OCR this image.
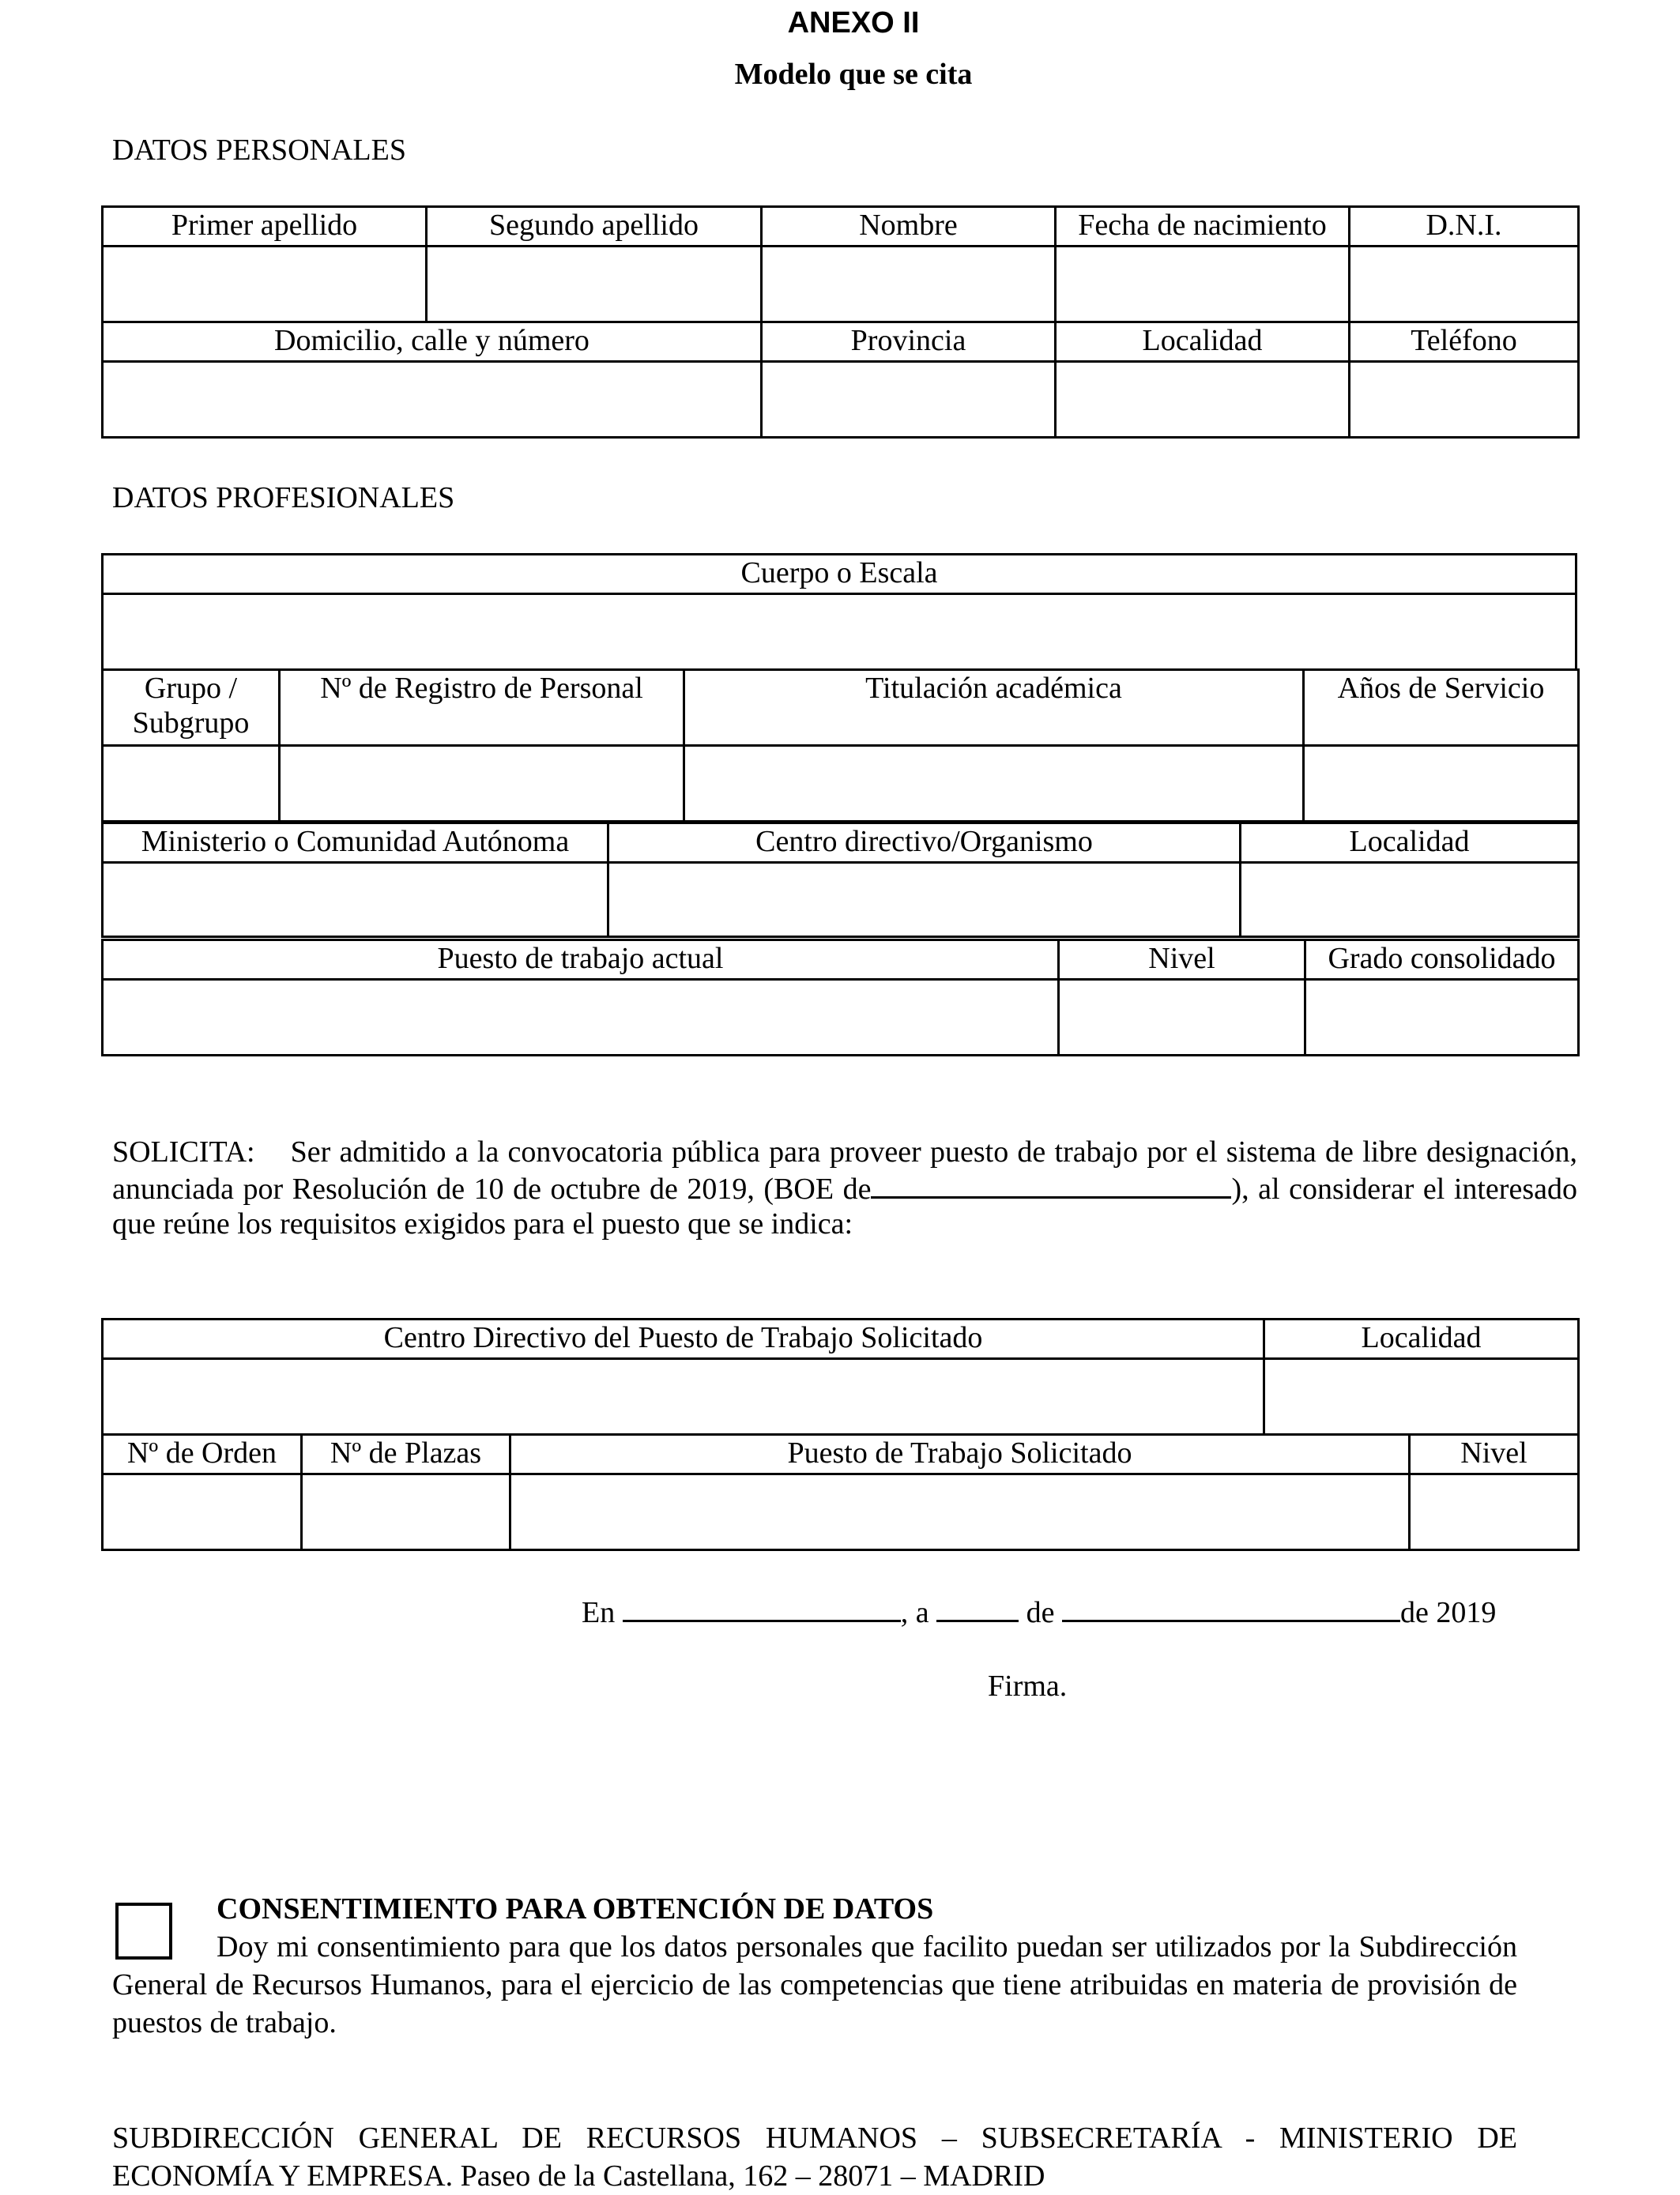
ANEXO II
Modelo que se cita
DATOS PERSONALES
Primer apellido	Segundo apellido	Nombre	Fecha de nacimiento	D.N.I.

Domicilio, calle y número		Provincia	Localidad	Teléfono

DATOS PROFESIONALES
Cuerpo o Escala

Grupo / Subgrupo	Nº de Registro de Personal	Titulación académica	Años de Servicio

Ministerio o Comunidad Autónoma	Centro directivo/Organismo	Localidad

Puesto de trabajo actual	Nivel	Grado consolidado

SOLICITA: Ser admitido a la convocatoria pública para proveer puesto de trabajo por el sistema de libre designación, anunciada por Resolución de 10 de octubre de 2019, (BOE de	), al considerar el interesado que reúne los requisitos exigidos para el puesto que se indica:
Centro Directivo del Puesto de Trabajo Solicitado	Localidad

Nº de Orden	Nº de Plazas	Puesto de Trabajo Solicitado	Nivel

En	, a	de	de 2019
Firma.
CONSENTIMIENTO PARA OBTENCIÓN DE DATOS
Doy mi consentimiento para que los datos personales que facilito puedan ser utilizados por la Subdirección General de Recursos Humanos, para el ejercicio de las competencias que tiene atribuidas en materia de provisión de puestos de trabajo.
SUBDIRECCIÓN GENERAL DE RECURSOS HUMANOS – SUBSECRETARÍA - MINISTERIO DE ECONOMÍA Y EMPRESA. Paseo de la Castellana, 162 – 28071 – MADRID
